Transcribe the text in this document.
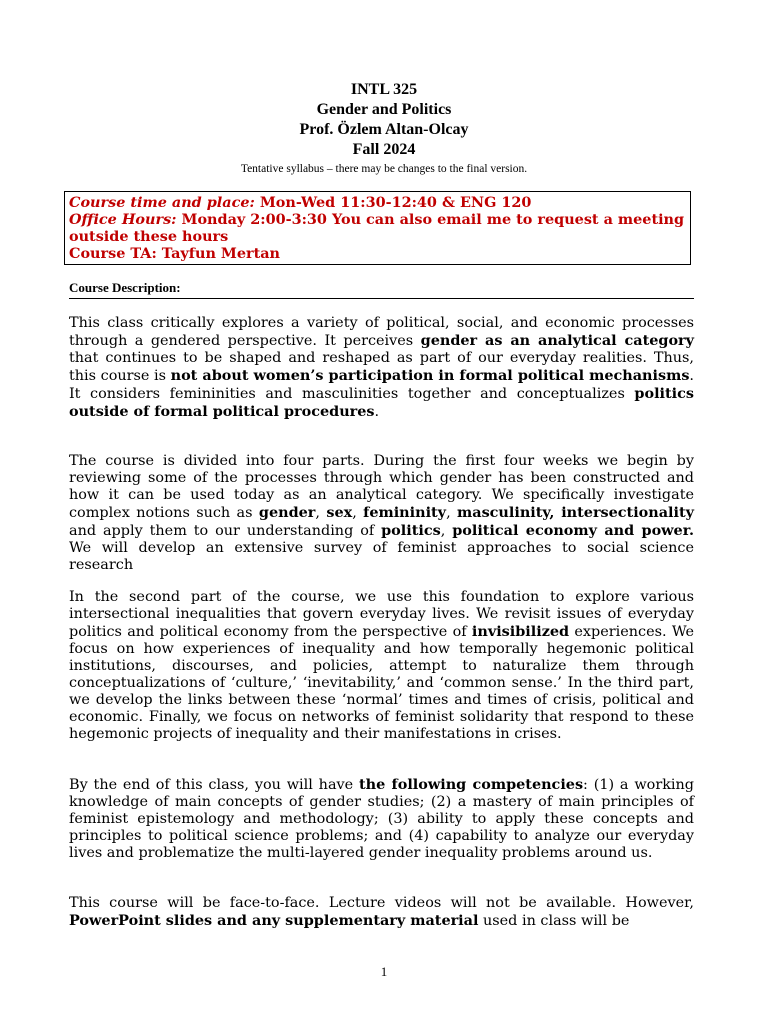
INTL 325
Gender and Politics
Prof. Özlem Altan-Olcay
Fall 2024
Tentative syllabus – there may be changes to the final version.
Course time and place: Mon-Wed 11:30-12:40 & ENG 120
Office Hours: Monday 2:00-3:30 You can also email me to request a meeting outside these hours
Course TA: Tayfun Mertan
Course Description:

This class critically explores a variety of political, social, and economic processes through a gendered perspective. It perceives gender as an analytical category that continues to be shaped and reshaped as part of our everyday realities. Thus, this course is not about women’s participation in formal political mechanisms. It considers femininities and masculinities together and conceptualizes politics outside of formal political procedures.

The course is divided into four parts. During the first four weeks we begin by reviewing some of the processes through which gender has been constructed and how it can be used today as an analytical category. We specifically investigate complex notions such as gender, sex, femininity, masculinity, intersectionality and apply them to our understanding of politics, political economy and power. We will develop an extensive survey of feminist approaches to social science research

In the second part of the course, we use this foundation to explore various intersectional inequalities that govern everyday lives. We revisit issues of everyday politics and political economy from the perspective of invisibilized experiences. We focus on how experiences of inequality and how temporally hegemonic political institutions, discourses, and policies, attempt to naturalize them through conceptualizations of ‘culture,’ ‘inevitability,’ and ‘common sense.’ In the third part, we develop the links between these ‘normal’ times and times of crisis, political and economic. Finally, we focus on networks of feminist solidarity that respond to these hegemonic projects of inequality and their manifestations in crises.

By the end of this class, you will have the following competencies: (1) a working knowledge of main concepts of gender studies; (2) a mastery of main principles of feminist epistemology and methodology; (3) ability to apply these concepts and principles to political science problems; and (4) capability to analyze our everyday lives and problematize the multi-layered gender inequality problems around us.

This course will be face-to-face. Lecture videos will not be available. However, PowerPoint slides and any supplementary material used in class will be

1
